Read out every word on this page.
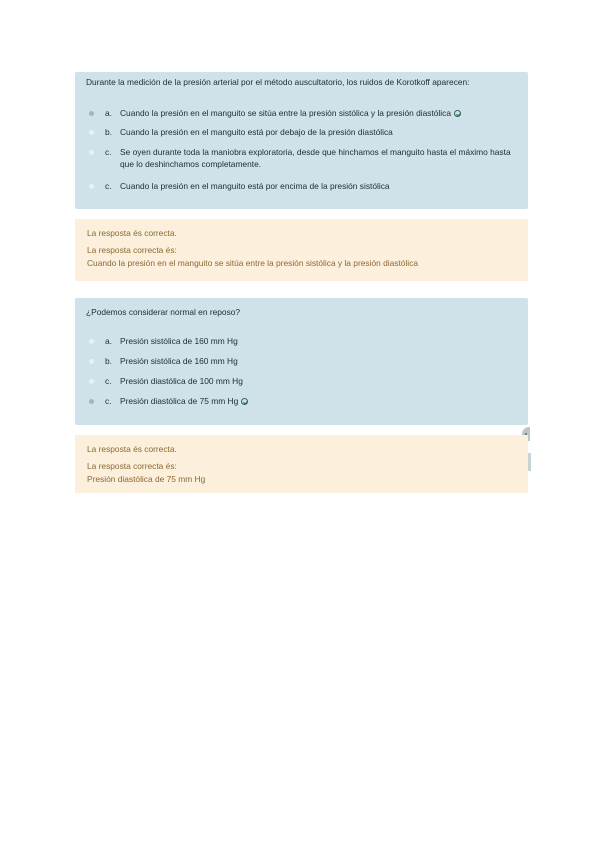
Durante la medición de la presión arterial por el método auscultatorio, los ruidos de Korotkoff aparecen:
a. Cuando la presión en el manguito se sitúa entre la presión sistólica y la presión diastólica
b. Cuando la presión en el manguito está por debajo de la presión diastólica
c. Se oyen durante toda la maniobra exploratoria, desde que hinchamos el manguito hasta el máximo hasta que lo deshinchamos completamente.
c. Cuando la presión en el manguito está por encima de la presión sistólica
La resposta és correcta.
La resposta correcta és:
Cuando la presión en el manguito se sitúa entre la presión sistólica y la presión diastólica
¿Podemos considerar normal en reposo?
a. Presión sistólica de 160 mm Hg
b. Presión sistólica de 160 mm Hg
c. Presión diastólica de 100 mm Hg
c. Presión diastólica de 75 mm Hg
La resposta és correcta.
La resposta correcta és:
Presión diastólica de 75 mm Hg
